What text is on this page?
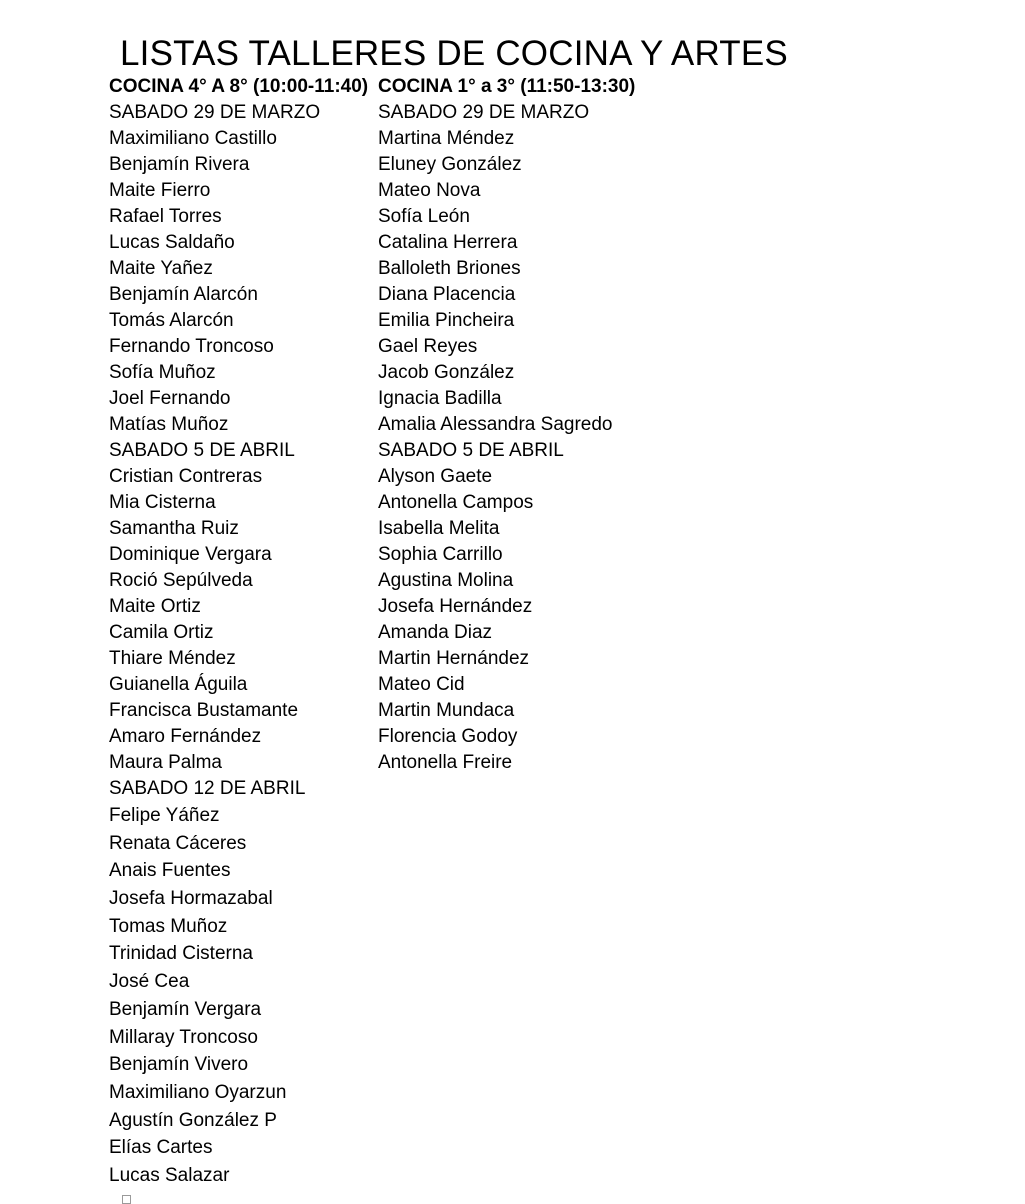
LISTAS TALLERES DE COCINA Y ARTES
COCINA 4° A 8° (10:00-11:40)
SABADO 29 DE MARZO
Maximiliano Castillo
Benjamín Rivera
Maite Fierro
Rafael Torres
Lucas Saldaño
Maite Yañez
Benjamín Alarcón
Tomás Alarcón
Fernando Troncoso
Sofía Muñoz
Joel Fernando
Matías Muñoz
SABADO 5 DE ABRIL
Cristian Contreras
Mia Cisterna
Samantha Ruiz
Dominique Vergara
Roció Sepúlveda
Maite Ortiz
Camila Ortiz
Thiare Méndez
Guianella Águila
Francisca Bustamante
Amaro Fernández
Maura Palma
SABADO 12 DE ABRIL
Felipe Yáñez
Renata Cáceres
Anais Fuentes
Josefa Hormazabal
Tomas Muñoz
Trinidad Cisterna
José Cea
Benjamín Vergara
Millaray Troncoso
Benjamín Vivero
Maximiliano Oyarzun
Agustín González P
Elías Cartes
Lucas Salazar
COCINA 1° a 3° (11:50-13:30)
SABADO 29 DE MARZO
Martina Méndez
Eluney González
Mateo Nova
Sofía León
Catalina Herrera
Balloleth Briones
Diana Placencia
Emilia Pincheira
Gael Reyes
Jacob González
Ignacia Badilla
Amalia Alessandra Sagredo
SABADO 5 DE ABRIL
Alyson Gaete
Antonella Campos
Isabella Melita
Sophia Carrillo
Agustina Molina
Josefa Hernández
Amanda Diaz
Martin Hernández
Mateo Cid
Martin Mundaca
Florencia Godoy
Antonella Freire
